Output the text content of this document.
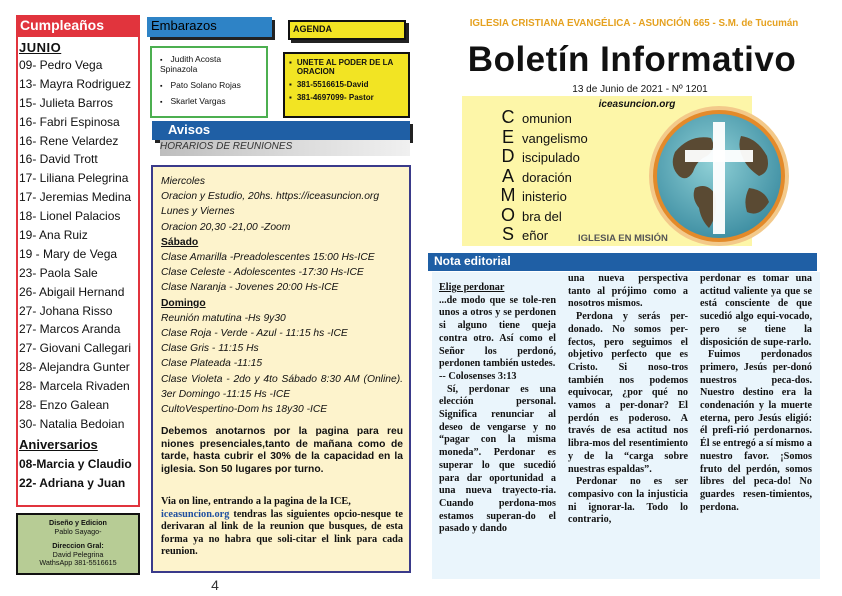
Cumpleaños
JUNIO
09- Pedro Vega
13- Mayra Rodriguez
15- Julieta Barros
16- Fabri Espinosa
16- Rene Velardez
16- David Trott
17- Liliana Pelegrina
17- Jeremias Medina
18- Lionel Palacios
19- Ana Ruiz
19 - Mary de Vega
23- Paola Sale
26- Abigail Hernand
27- Johana Risso
27- Marcos Aranda
27- Giovani Callegari
28- Alejandra Gunter
28- Marcela Rivaden
28- Enzo Galean
30- Natalia Bedoian
Aniversarios
08-Marcia y Claudio
22- Adriana y Juan
Diseño y Edicion
Pablo Sayago-
Direccion Gral:
David Pelegrina
WathsApp 381-5516615
Embarazos
▪ Judith Acosta Spinazola
▪ Pato Solano Rojas
▪ Skarlet Vargas
AGENDA
▪ UNETE AL PODER DE LA ORACION
▪ 381-5516615-David
▪ 381-4697099- Pastor
Avisos
HORARIOS DE REUNIONES
Miercoles
Oracion y Estudio, 20hs. https://iceasuncion.org
Lunes y Viernes
Oracion 20,30 -21,00 -Zoom
Sábado
Clase Amarilla -Preadolescentes 15:00 Hs-ICE
Clase Celeste - Adolescentes -17:30 Hs-ICE
Clase Naranja - Jovenes 20:00 Hs-ICE
Domingo
Reunión matutina -Hs 9y30
Clase Roja - Verde - Azul - 11:15 hs -ICE
Clase Gris - 11:15 Hs
Clase Plateada -11:15
Clase Violeta - 2do y 4to Sábado 8:30 AM (Online). 3er Domingo -11:15 Hs -ICE
CultoVespertino-Dom hs 18y30 -ICE
Debemos anotarnos por la pagina para reu niones presenciales,tanto de mañana como de tarde, hasta cubrir el 30% de la capacidad en la iglesia. Son 50 lugares por turno.
Via on line, entrando a la pagina de la ICE,
iceasuncion.org tendras las siguientes opcio-nesque te derivaran al link de la reunion que busques, de esta forma ya no habra que soli-citar el link para cada reunion.
4
IGLESIA CRISTIANA EVANGÉLICA - ASUNCIÓN 665 - S.M. de Tucumán
Boletín Informativo
13 de Junio de 2021 - Nº 1201
iceasuncion.org
C omunion
E vangelismo
D iscipulado
A doración
M inisterio
O bra del
S eñor	IGLESIA EN MISIÓN
Nota editorial

Elige perdonar

...de modo que se tole-ren unos a otros y se perdonen si alguno tiene queja contra otro. Así como el Señor los perdonó, perdonen también ustedes.

-- Colosenses 3:13

Sí, perdonar es una elección personal. Significa renunciar al deseo de vengarse y no “pagar con la misma moneda”. Perdonar es superar lo que sucedió para dar oportunidad a una nueva trayecto-ria. Cuando perdona-mos estamos superan-do el pasado y dando

una nueva perspectiva tanto al prójimo como a nosotros mismos.

Perdona y serás per-donado. No somos per-fectos, pero seguimos el objetivo perfecto que es Cristo. Si noso-tros también nos podemos equivocar, ¿por qué no vamos a per-donar? El perdón es poderoso. A través de esa actitud nos libra-mos del resentimiento y de la “carga sobre nuestras espaldas”.

Perdonar no es ser compasivo con la injusticia ni ignorar-la. Todo lo contrario,

perdonar es tomar una actitud valiente ya que se está consciente de que sucedió algo equi-vocado, pero se tiene la disposición de supe-rarlo.

Fuimos perdonados primero, Jesús per-donó nuestros peca-dos. Nuestro destino era la condenación y la muerte eterna, pero Jesús eligió: él prefi-rió perdonarnos. Él se entregó a sí mismo a nuestro favor. ¡Somos fruto del perdón, somos libres del peca-do! No guardes resen-timientos, perdona.
